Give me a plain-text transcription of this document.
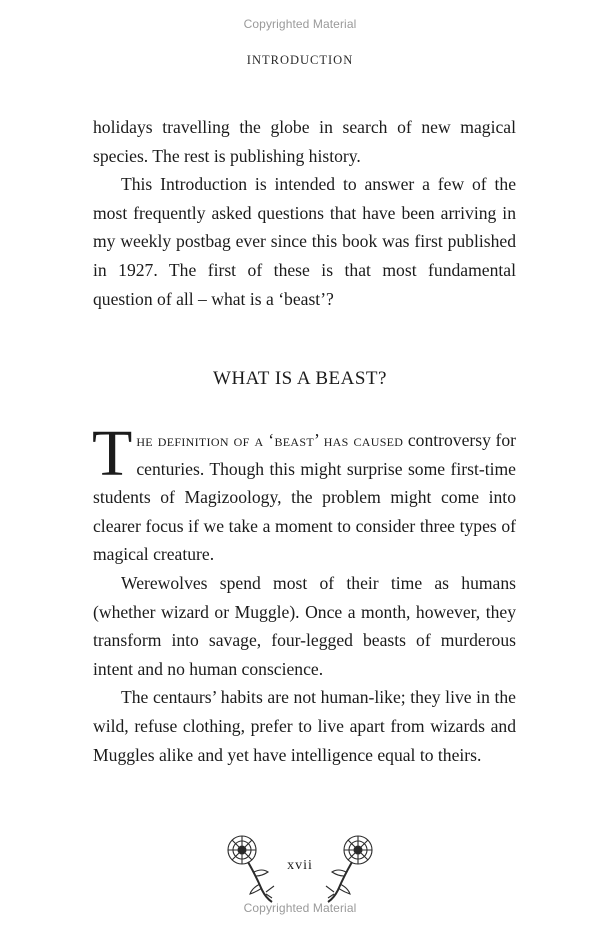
Copyrighted Material
INTRODUCTION

holidays travelling the globe in search of new magical species. The rest is publishing history.

This Introduction is intended to answer a few of the most frequently asked questions that have been arriving in my weekly postbag ever since this book was first published in 1927. The first of these is that most fundamental question of all – what is a ‘beast’?

WHAT IS A BEAST?

The definition of a ‘beast’ has caused controversy for centuries. Though this might surprise some first-time students of Magizoology, the problem might come into clearer focus if we take a moment to consider three types of magical creature.

Werewolves spend most of their time as humans (whether wizard or Muggle). Once a month, however, they transform into savage, four-legged beasts of murderous intent and no human conscience.

The centaurs’ habits are not human-like; they live in the wild, refuse clothing, prefer to live apart from wizards and Muggles alike and yet have intelligence equal to theirs.

xvii
Copyrighted Material
